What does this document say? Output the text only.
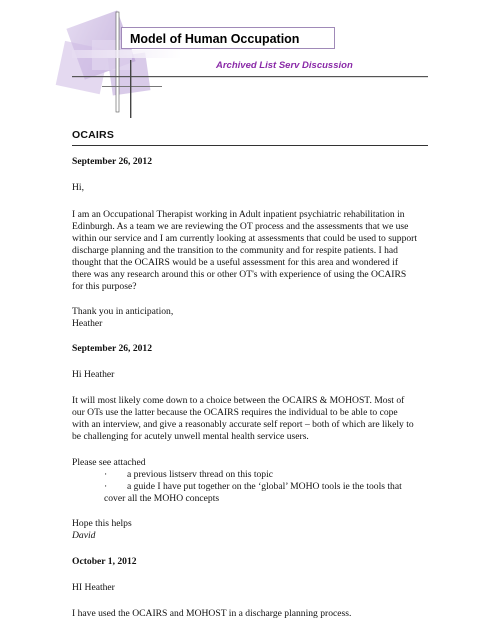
Model of Human Occupation
Archived List Serv Discussion
OCAIRS
September 26, 2012
Hi,
I am an Occupational Therapist working in Adult inpatient psychiatric rehabilitation in
Edinburgh. As a team we are reviewing the OT process and the assessments that we use
within our service and I am currently looking at assessments that could be used to support
discharge planning and the transition to the community and for respite patients. I had
thought that the OCAIRS would be a useful assessment for this area and wondered if
there was any research around this or other OT's with experience of using the OCAIRS
for this purpose?
Thank you in anticipation,
Heather
September 26, 2012
Hi Heather
It will most likely come down to a choice between the OCAIRS & MOHOST. Most of
our OTs use the latter because the OCAIRS requires the individual to be able to cope
with an interview, and give a reasonably accurate self report – both of which are likely to
be challenging for acutely unwell mental health service users.
Please see attached
· a previous listserv thread on this topic
· a guide I have put together on the ‘global’ MOHO tools ie the tools that
cover all the MOHO concepts
Hope this helps
David
October 1, 2012
HI Heather
I have used the OCAIRS and MOHOST in a discharge planning process.
